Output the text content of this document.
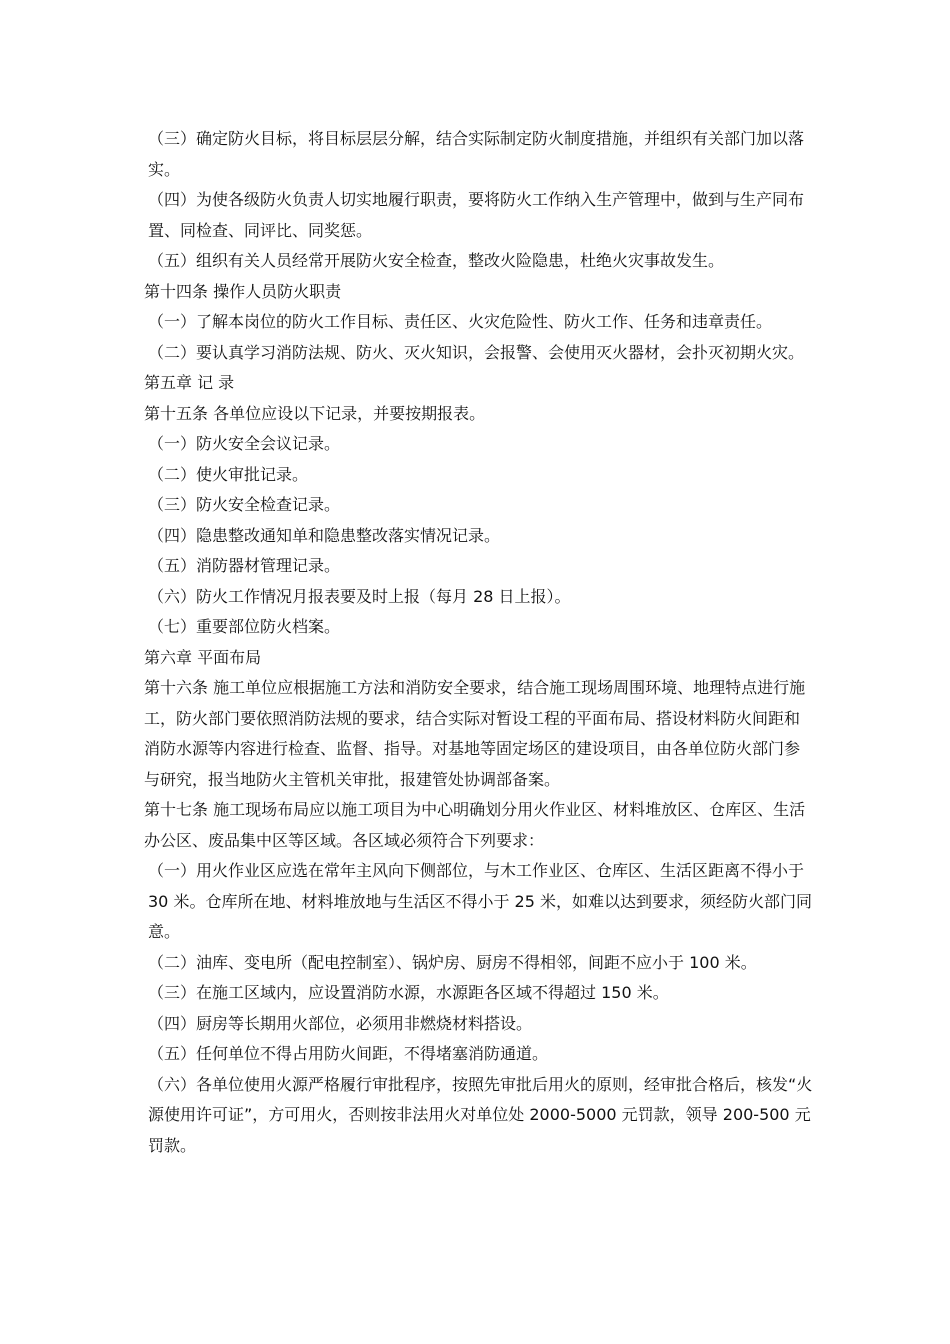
（三）确定防火目标，将目标层层分解，结合实际制定防火制度措施，并组织有关部门加以落实。

（四）为使各级防火负责人切实地履行职责，要将防火工作纳入生产管理中，做到与生产同布置、同检查、同评比、同奖惩。

（五）组织有关人员经常开展防火安全检查，整改火险隐患，杜绝火灾事故发生。

第十四条 操作人员防火职责

（一）了解本岗位的防火工作目标、责任区、火灾危险性、防火工作、任务和违章责任。

（二）要认真学习消防法规、防火、灭火知识，会报警、会使用灭火器材，会扑灭初期火灾。

第五章 记 录

第十五条 各单位应设以下记录，并要按期报表。

（一）防火安全会议记录。

（二）使火审批记录。

（三）防火安全检查记录。

（四）隐患整改通知单和隐患整改落实情况记录。

（五）消防器材管理记录。

（六）防火工作情况月报表要及时上报（每月 28 日上报）。

（七）重要部位防火档案。

第六章 平面布局

第十六条 施工单位应根据施工方法和消防安全要求，结合施工现场周围环境、地理特点进行施工，防火部门要依照消防法规的要求，结合实际对暂设工程的平面布局、搭设材料防火间距和消防水源等内容进行检查、监督、指导。对基地等固定场区的建设项目，由各单位防火部门参与研究，报当地防火主管机关审批，报建管处协调部备案。

第十七条 施工现场布局应以施工项目为中心明确划分用火作业区、材料堆放区、仓库区、生活办公区、废品集中区等区域。各区域必须符合下列要求：

（一）用火作业区应选在常年主风向下侧部位，与木工作业区、仓库区、生活区距离不得小于 30 米。仓库所在地、材料堆放地与生活区不得小于 25 米，如难以达到要求，须经防火部门同意。

（二）油库、变电所（配电控制室）、锅炉房、厨房不得相邻，间距不应小于 100 米。

（三）在施工区域内，应设置消防水源，水源距各区域不得超过 150 米。

（四）厨房等长期用火部位，必须用非燃烧材料搭设。

（五）任何单位不得占用防火间距，不得堵塞消防通道。

（六）各单位使用火源严格履行审批程序，按照先审批后用火的原则，经审批合格后，核发“火源使用许可证”，方可用火，否则按非法用火对单位处 2000-5000 元罚款，领导 200-500 元罚款。
